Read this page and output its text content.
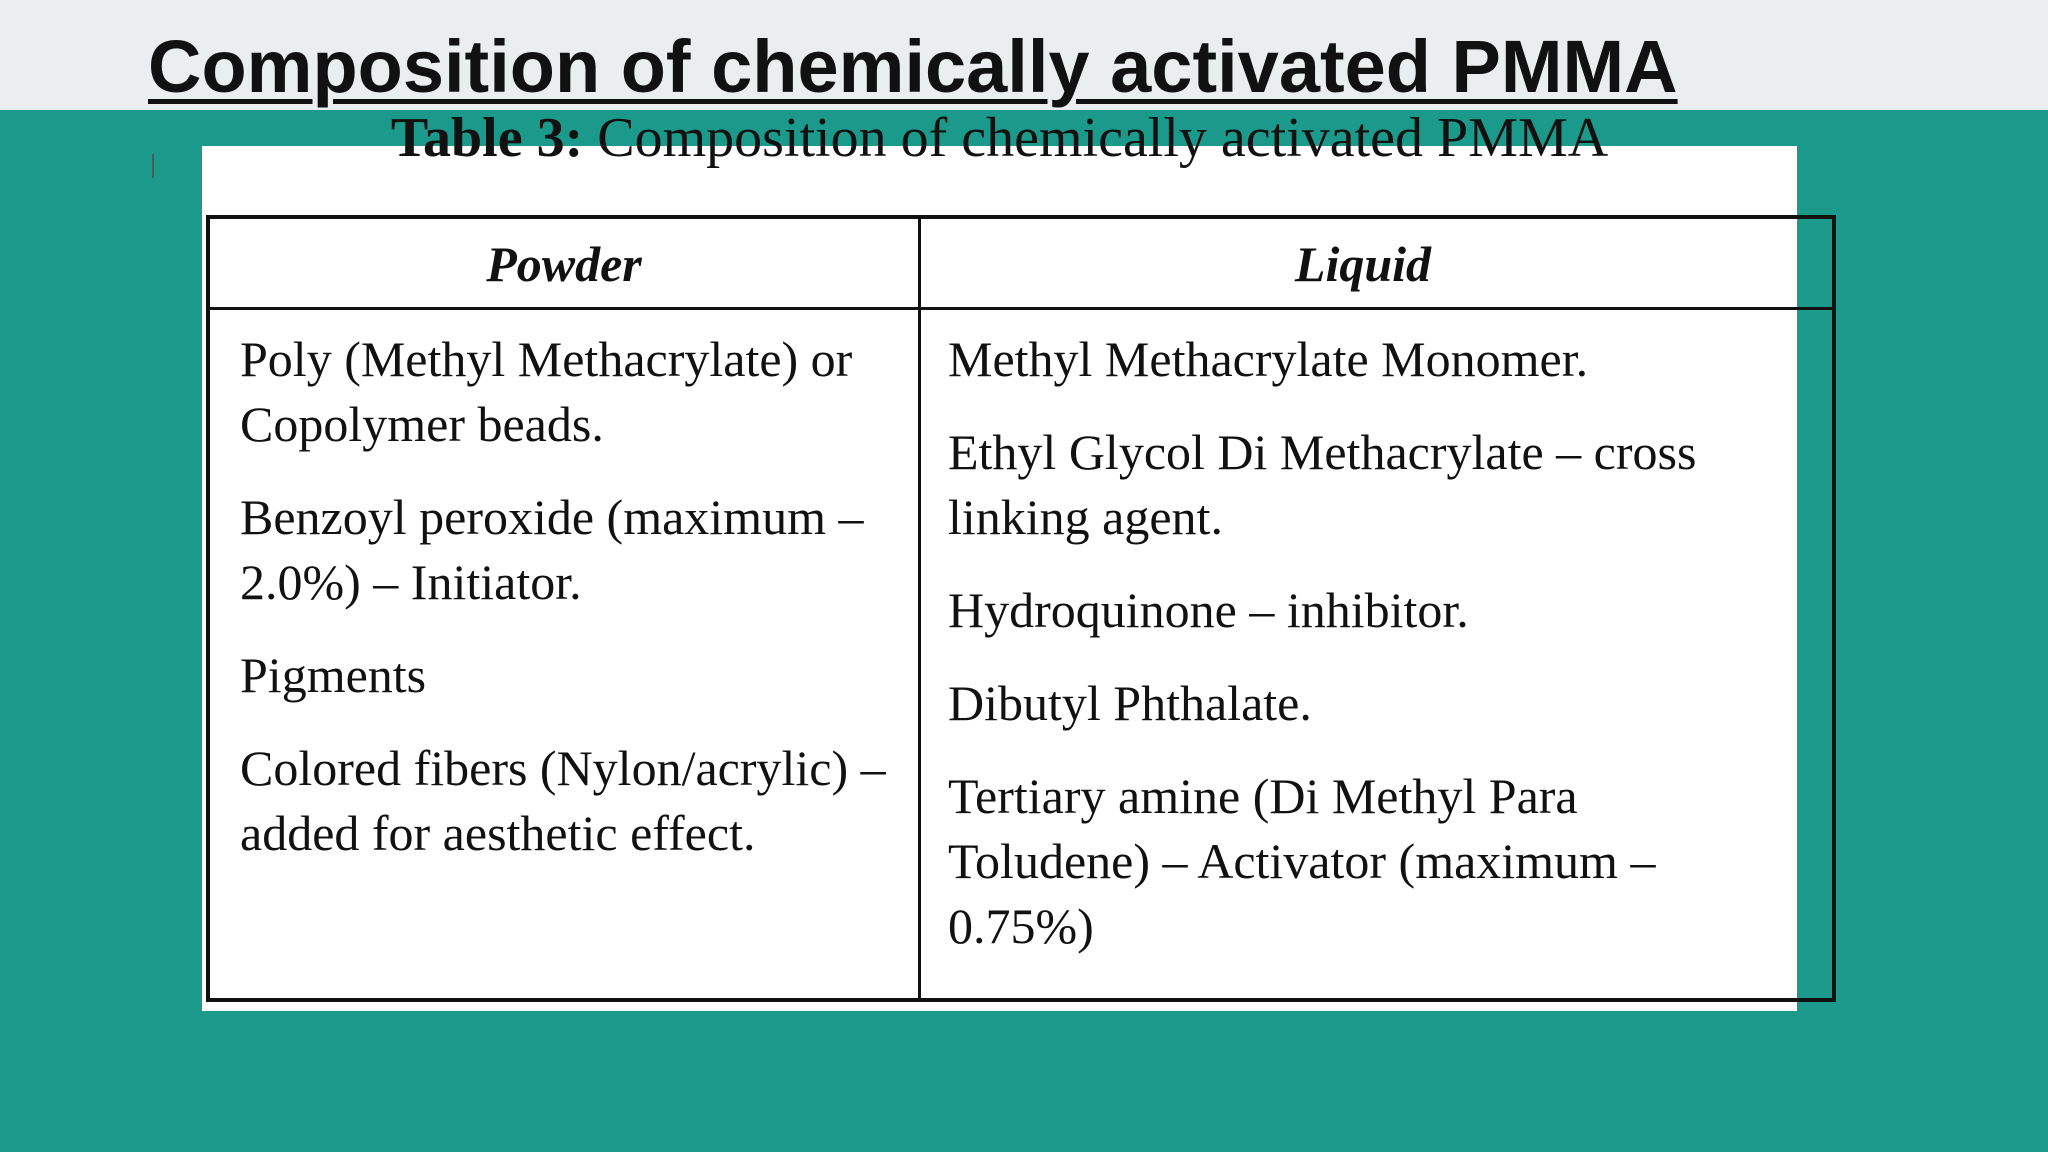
Composition of chemically activated PMMA
Table 3: Composition of chemically activated PMMA
Powder	Liquid

Poly (Methyl Methacrylate) or Copolymer beads.

Benzoyl peroxide (maximum – 2.0%) – Initiator.

Pigments

Colored fibers (Nylon/acrylic) – added for aesthetic effect.

Methyl Methacrylate Monomer.

Ethyl Glycol Di Methacrylate – cross linking agent.

Hydroquinone – inhibitor.

Dibutyl Phthalate.

Tertiary amine (Di Methyl Para Toludene) – Activator (maximum – 0.75%)
